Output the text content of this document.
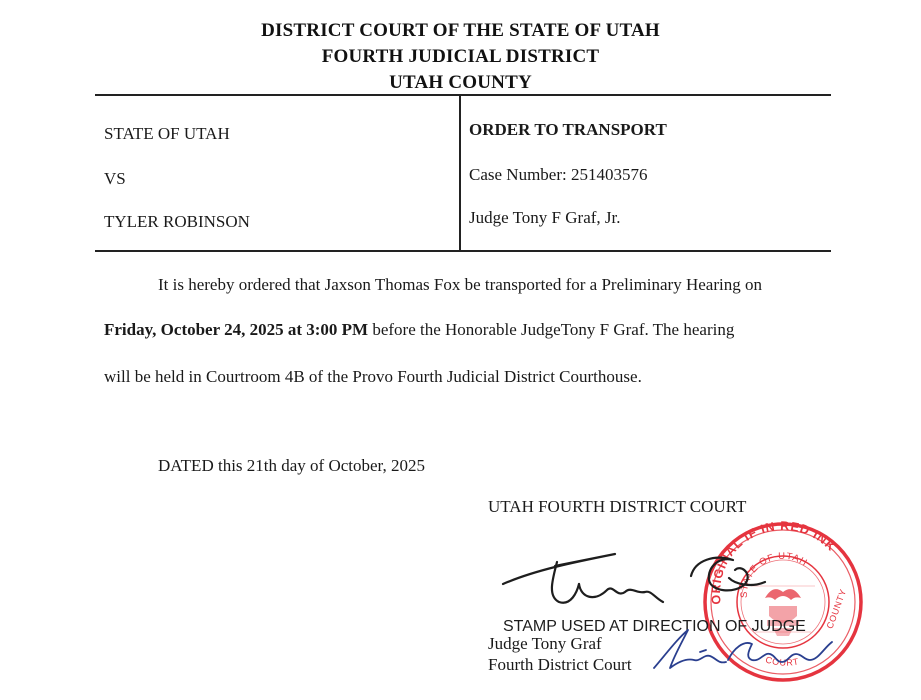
DISTRICT COURT OF THE STATE OF UTAH
FOURTH JUDICIAL DISTRICT
UTAH COUNTY
STATE OF UTAH
VS
TYLER ROBINSON
ORDER TO TRANSPORT
Case Number: 251403576
Judge Tony F Graf, Jr.
It is hereby ordered that Jaxson Thomas Fox be transported for a Preliminary Hearing on
Friday, October 24, 2025 at 3:00 PM before the Honorable JudgeTony F Graf. The hearing
will be held in Courtroom 4B of the Provo Fourth Judicial District Courthouse.
DATED this 21th day of October, 2025
UTAH FOURTH DISTRICT COURT
ORIGINAL IF IN RED INK
STATE OF UTAH
COUNTY
COURT
STAMP USED AT DIRECTION OF JUDGE
Judge Tony Graf
Fourth District Court
